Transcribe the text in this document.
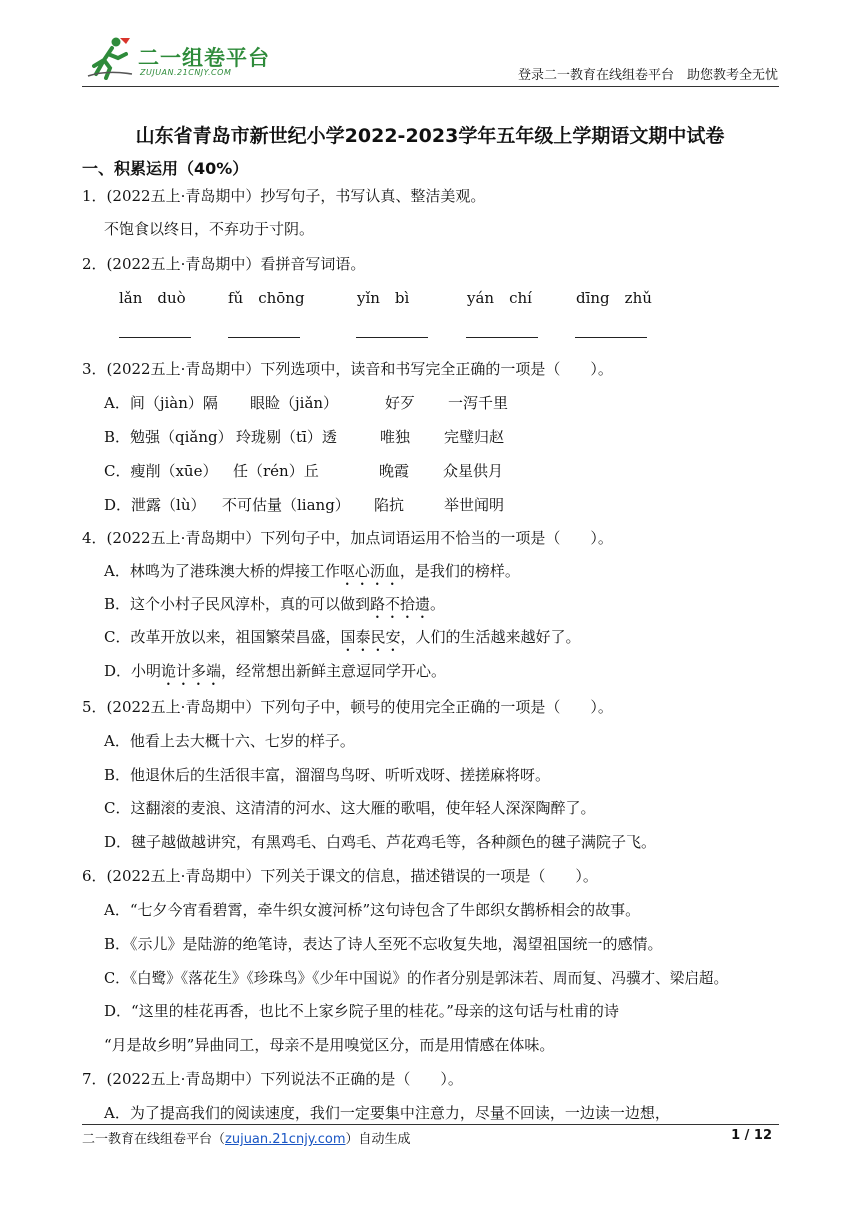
二一组卷平台
ZUJUAN.21CNJY.COM	登录二一教育在线组卷平台　助您教考全无忧
山东省青岛市新世纪小学2022-2023学年五年级上学期语文期中试卷
一、积累运用（40%）
1．(2022五上·青岛期中）抄写句子，书写认真、整洁美观。
不饱食以终日，不弃功于寸阴。
2．(2022五上·青岛期中）看拼音写词语。
lǎn　duò	fǔ　chōng	yǐn　bì	yán　chí	dīng　zhǔ
3．(2022五上·青岛期中）下列选项中，读音和书写完全正确的一项是（　　）。
A．间（jiàn）隔 眼睑（jiǎn）	好歹 一泻千里
B．勉强（qiǎng） 玲珑剔（tī）透	唯独 完璧归赵
C．瘦削（xūe） 任（rén）丘	晚霞 众星供月
D．泄露（lù） 不可估量（liang） 陷抗	举世闻明
4．(2022五上·青岛期中）下列句子中，加点词语运用不恰当的一项是（　　）。
A．林鸣为了港珠澳大桥的焊接工作呕心沥血，是我们的榜样。
B．这个小村子民风淳朴，真的可以做到路不拾遗。
C．改革开放以来，祖国繁荣昌盛，国泰民安，人们的生活越来越好了。
D．小明诡计多端，经常想出新鲜主意逗同学开心。
5．(2022五上·青岛期中）下列句子中，顿号的使用完全正确的一项是（　　）。
A．他看上去大概十六、七岁的样子。
B．他退休后的生活很丰富，溜溜鸟鸟呀、听听戏呀、搓搓麻将呀。
C．这翻滚的麦浪、这清清的河水、这大雁的歌唱，使年轻人深深陶醉了。
D．毽子越做越讲究，有黑鸡毛、白鸡毛、芦花鸡毛等，各种颜色的毽子满院子飞。
6．(2022五上·青岛期中）下列关于课文的信息，描述错误的一项是（　　）。
A．“七夕今宵看碧霄，牵牛织女渡河桥”这句诗包含了牛郎织女鹊桥相会的故事。
B．《示儿》是陆游的绝笔诗，表达了诗人至死不忘收复失地，渴望祖国统一的感情。
C．《白鹭》《落花生》《珍珠鸟》《少年中国说》的作者分别是郭沫若、周而复、冯骥才、梁启超。
D．“这里的桂花再香，也比不上家乡院子里的桂花。”母亲的这句话与杜甫的诗
“月是故乡明”异曲同工，母亲不是用嗅觉区分，而是用情感在体味。
7．(2022五上·青岛期中）下列说法不正确的是（　　）。
A．为了提高我们的阅读速度，我们一定要集中注意力，尽量不回读，一边读一边想，
二一教育在线组卷平台（zujuan.21cnjy.com）自动生成	1 / 12
